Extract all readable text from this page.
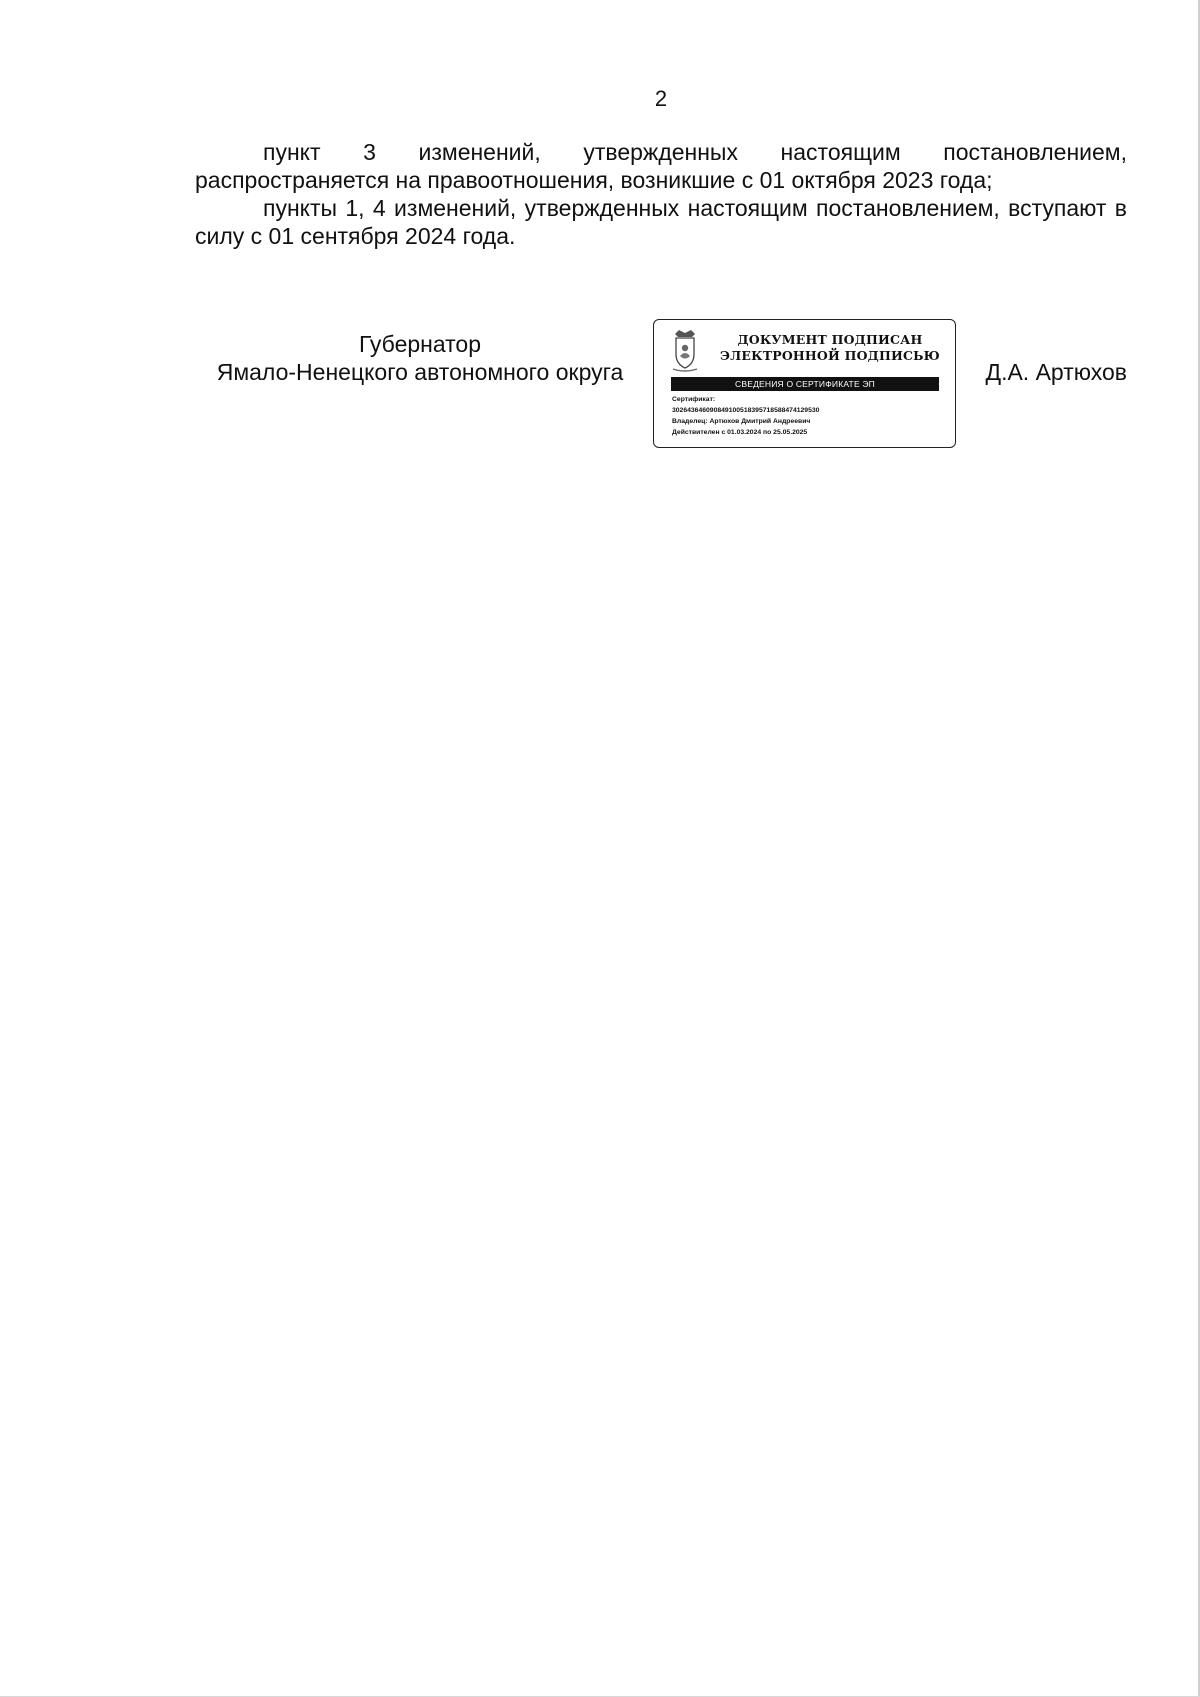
2

пункт 3 изменений, утвержденных настоящим постановлением, распространяется на правоотношения, возникшие с 01 октября 2023 года;

пункты 1, 4 изменений, утвержденных настоящим постановлением, вступают в силу с 01 сентября 2024 года.

Губернатор
Ямало-Ненецкого автономного округа
ДОКУМЕНТ ПОДПИСАН
ЭЛЕКТРОННОЙ ПОДПИСЬЮ
СВЕДЕНИЯ О СЕРТИФИКАТЕ ЭП
Сертификат:
302643646090849100518395718588474129530
Владелец: Артюхов Дмитрий Андреевич
Действителен с 01.03.2024 по 25.05.2025
Д.А. Артюхов
